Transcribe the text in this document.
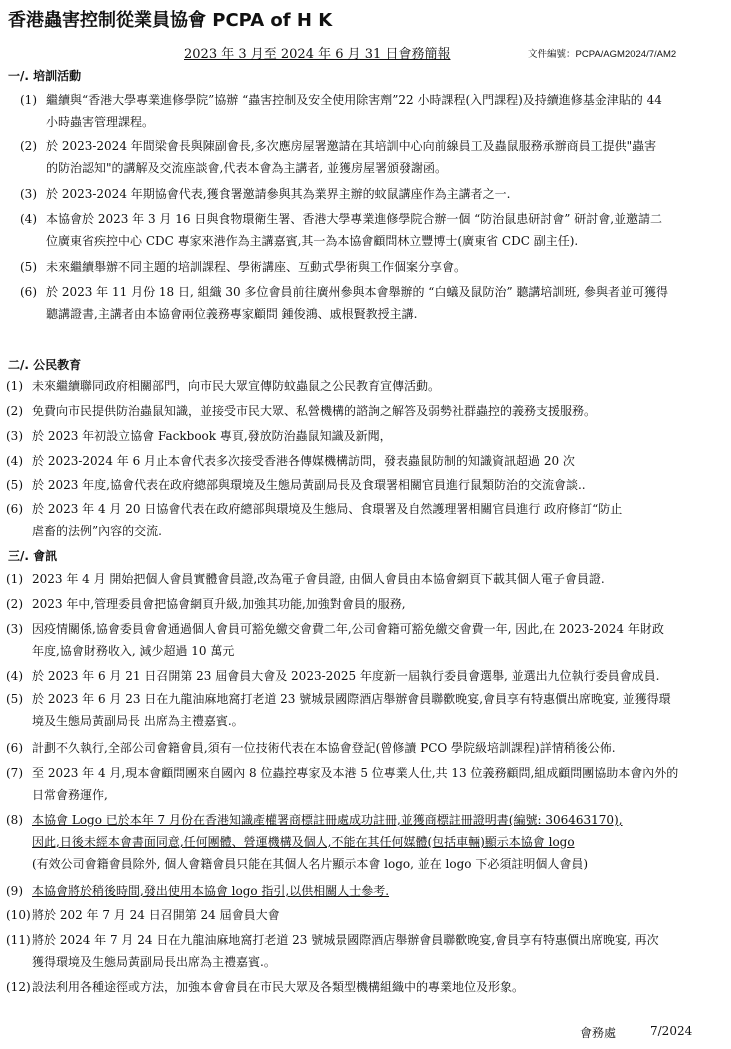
香港蟲害控制從業員協會 PCPA of H K
2023 年 3 月至 2024 年 6 月 31 日會務簡報	文件編號：PCPA/AGM2024/7/AM2
一/. 培訓活動
(1) 繼續與“香港大學專業進修學院”協辦 “蟲害控制及安全使用除害劑”22 小時課程(入門課程)及持續進修基金津貼的 44
小時蟲害管理課程。
(2) 於 2023-2024 年間梁會長與陳副會長,多次應房屋署邀請在其培訓中心向前線員工及蟲鼠服務承辦商員工提供"蟲害
的防治認知"的講解及交流座談會,代表本會為主講者, 並獲房屋署頒發謝函。
(3) 於 2023-2024 年期協會代表,獲食署邀請參與其為業界主辦的蚊鼠講座作為主講者之一.
(4) 本協會於 2023 年 3 月 16 日與食物環衛生署、香港大學專業進修學院合辦一個 “防治鼠患研討會” 研討會,並邀請二
位廣東省疾控中心 CDC 專家來港作為主講嘉賓,其一為本協會顧問林立豐博士(廣東省 CDC 副主任).
(5) 未來繼續舉辦不同主題的培訓課程、學術講座、互動式學術與工作個案分享會。
(6) 於 2023 年 11 月份 18 日, 組織 30 多位會員前往廣州參與本會舉辦的 “白蟻及鼠防治” 聽講培訓班, 參與者並可獲得
聽講證書,主講者由本協會兩位義務專家顧問 鍾俊鴻、戚根賢教授主講.
二/. 公民教育
(1) 未來繼續聯同政府相關部門，向市民大眾宣傳防蚊蟲鼠之公民教育宣傳活動。
(2) 免費向市民提供防治蟲鼠知識，並接受市民大眾、私營機構的諮詢之解答及弱勢社群蟲控的義務支援服務。
(3) 於 2023 年初設立協會 Fackbook 專頁,發放防治蟲鼠知識及新聞，
(4) 於 2023-2024 年 6 月止本會代表多次接受香港各傳媒機構訪問，發表蟲鼠防制的知識資訊超過 20 次
(5) 於 2023 年度,協會代表在政府總部與環境及生態局黃副局長及食環署相關官員進行鼠類防治的交流會談..
(6) 於 2023 年 4 月 20 日協會代表在政府總部與環境及生態局、食環署及自然護理署相關官員進行 政府修訂“防止
虐畜的法例”內容的交流.
三/. 會訊
(1) 2023 年 4 月 開始把個人會員實體會員證,改為電子會員證, 由個人會員由本協會網頁下載其個人電子會員證.
(2) 2023 年中,管理委員會把協會網頁升級,加強其功能,加強對會員的服務,
(3) 因疫情關係,協會委員會會通過個人會員可豁免繳交會費二年,公司會籍可豁免繳交會費一年, 因此,在 2023-2024 年財政
年度,協會財務收入, 減少超過 10 萬元
(4) 於 2023 年 6 月 21 日召開第 23 屆會員大會及 2023-2025 年度新一屆執行委員會選舉, 並選出九位執行委員會成員.
(5) 於 2023 年 6 月 23 日在九龍油麻地窩打老道 23 號城景國際酒店舉辦會員聯歡晚宴,會員享有特惠價出席晚宴, 並獲得環
境及生態局黃副局長 出席為主禮嘉賓.。
(6) 計劃不久執行,全部公司會籍會員,須有一位技術代表在本協會登記(曾修讀 PCO 學院級培訓課程)詳情稍後公佈.
(7) 至 2023 年 4 月,現本會顧問團來自國內 8 位蟲控專家及本港 5 位專業人仕,共 13 位義務顧問,組成顧問團協助本會內外的
日常會務運作,
(8) 本協會 Logo 已於本年 7 月份在香港知識產權署商標註冊處成功註冊,並獲商標註冊證明書(編號: 306463170),
因此,日後未經本會書面同意,任何團體、營運機構及個人,不能在其任何媒體(包括車輛)顯示本協會 logo
(有效公司會籍會員除外, 個人會籍會員只能在其個人名片顯示本會 logo, 並在 logo 下必須註明個人會員)
(9) 本協會將於稍後時間,發出使用本協會 logo 指引,以供相關人士參考.
(10) 將於 202 年 7 月 24 日召開第 24 屆會員大會
(11) 將於 2024 年 7 月 24 日在九龍油麻地窩打老道 23 號城景國際酒店舉辦會員聯歡晚宴,會員享有特惠價出席晚宴, 再次
獲得環境及生態局黃副局長出席為主禮嘉賓.。
(12) 設法利用各種途徑或方法，加強本會會員在市民大眾及各類型機構組織中的專業地位及形象。
會務處	7/2024
